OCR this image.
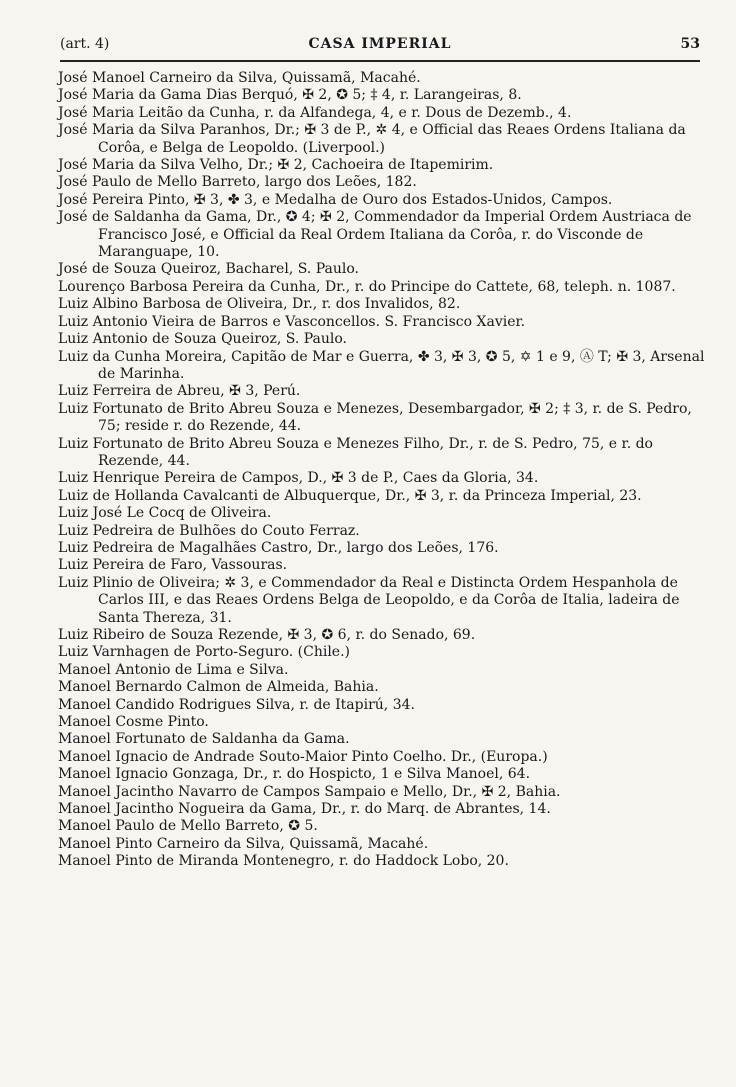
(art. 4)	CASA IMPERIAL	53
José Manoel Carneiro da Silva, Quissamã, Macahé.
José Maria da Gama Dias Berquó, ✠ 2, ✪ 5; ‡ 4, r. Larangeiras, 8.
José Maria Leitão da Cunha, r. da Alfandega, 4, e r. Dous de Dezemb., 4.
José Maria da Silva Paranhos, Dr.; ✠ 3 de P., ✲ 4, e Official das Reaes Ordens Italiana da Corôa, e Belga de Leopoldo. (Liverpool.)
José Maria da Silva Velho, Dr.; ✠ 2, Cachoeira de Itapemirim.
José Paulo de Mello Barreto, largo dos Leões, 182.
José Pereira Pinto, ✠ 3, ✤ 3, e Medalha de Ouro dos Estados-Unidos, Campos.
José de Saldanha da Gama, Dr., ✪ 4; ✠ 2, Commendador da Imperial Ordem Austriaca de Francisco José, e Official da Real Ordem Italiana da Corôa, r. do Visconde de Maranguape, 10.
José de Souza Queiroz, Bacharel, S. Paulo.
Lourenço Barbosa Pereira da Cunha, Dr., r. do Principe do Cattete, 68, teleph. n. 1087.
Luiz Albino Barbosa de Oliveira, Dr., r. dos Invalidos, 82.
Luiz Antonio Vieira de Barros e Vasconcellos. S. Francisco Xavier.
Luiz Antonio de Souza Queiroz, S. Paulo.
Luiz da Cunha Moreira, Capitão de Mar e Guerra, ✤ 3, ✠ 3, ✪ 5, ✡ 1 e 9, Ⓐ T; ✠ 3, Arsenal de Marinha.
Luiz Ferreira de Abreu, ✠ 3, Perú.
Luiz Fortunato de Brito Abreu Souza e Menezes, Desembargador, ✠ 2; ‡ 3, r. de S. Pedro, 75; reside r. do Rezende, 44.
Luiz Fortunato de Brito Abreu Souza e Menezes Filho, Dr., r. de S. Pedro, 75, e r. do Rezende, 44.
Luiz Henrique Pereira de Campos, D., ✠ 3 de P., Caes da Gloria, 34.
Luiz de Hollanda Cavalcanti de Albuquerque, Dr., ✠ 3, r. da Princeza Imperial, 23.
Luiz José Le Cocq de Oliveira.
Luiz Pedreira de Bulhões do Couto Ferraz.
Luiz Pedreira de Magalhães Castro, Dr., largo dos Leões, 176.
Luiz Pereira de Faro, Vassouras.
Luiz Plinio de Oliveira; ✲ 3, e Commendador da Real e Distincta Ordem Hespanhola de Carlos III, e das Reaes Ordens Belga de Leopoldo, e da Corôa de Italia, ladeira de Santa Thereza, 31.
Luiz Ribeiro de Souza Rezende, ✠ 3, ✪ 6, r. do Senado, 69.
Luiz Varnhagen de Porto-Seguro. (Chile.)
Manoel Antonio de Lima e Silva.
Manoel Bernardo Calmon de Almeida, Bahia.
Manoel Candido Rodrigues Silva, r. de Itapirú, 34.
Manoel Cosme Pinto.
Manoel Fortunato de Saldanha da Gama.
Manoel Ignacio de Andrade Souto-Maior Pinto Coelho. Dr., (Europa.)
Manoel Ignacio Gonzaga, Dr., r. do Hospicto, 1 e Silva Manoel, 64.
Manoel Jacintho Navarro de Campos Sampaio e Mello, Dr., ✠ 2, Bahia.
Manoel Jacintho Nogueira da Gama, Dr., r. do Marq. de Abrantes, 14.
Manoel Paulo de Mello Barreto, ✪ 5.
Manoel Pinto Carneiro da Silva, Quissamã, Macahé.
Manoel Pinto de Miranda Montenegro, r. do Haddock Lobo, 20.
